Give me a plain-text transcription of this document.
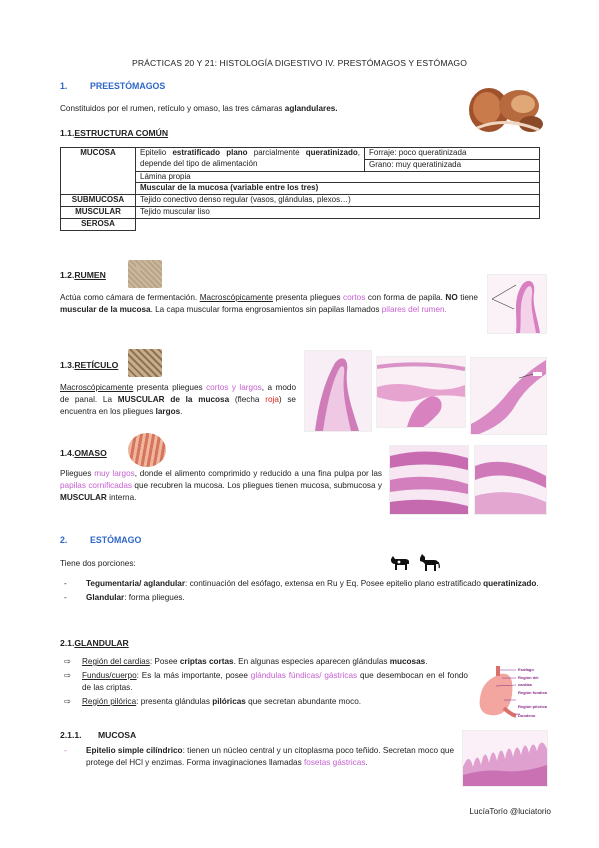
PRÁCTICAS 20 Y 21: HISTOLOGÍA DIGESTIVO IV. PRESTÓMAGOS Y ESTÓMAGO
1.	PREESTÓMAGOS
Constituidos por el rumen, retículo y omaso, las tres cámaras aglandulares.
1.1.ESTRUCTURA COMÚN
MUCOSA	Epitelio estratificado plano parcialmente queratinizado, depende del tipo de alimentación	Forraje: poco queratinizada
		Grano: muy queratinizada
	Lámina propia	
	Muscular de la mucosa (variable entre los tres)	
SUBMUCOSA	Tejido conectivo denso regular (vasos, glándulas, plexos…)	
MUSCULAR	Tejido muscular liso	
SEROSA		
1.2.RUMEN
Actúa como cámara de fermentación. Macroscópicamente presenta pliegues cortos con forma de papila. NO tiene muscular de la mucosa. La capa muscular forma engrosamientos sin papilas llamados pilares del rumen.
1.3.RETÍCULO
Macroscópicamente presenta pliegues cortos y largos, a modo de panal. La MUSCULAR de la mucosa (flecha roja) se encuentra en los pliegues largos.
1.4.OMASO
Pliegues muy largos, donde el alimento comprimido y reducido a una fina pulpa por las papilas corniﬁcadas que recubren la mucosa. Los pliegues tienen mucosa, submucosa y MUSCULAR interna.
2.	ESTÓMAGO
Tiene dos porciones:
-	Tegumentaria/ aglandular: continuación del esófago, extensa en Ru y Eq. Posee epitelio plano estratificado queratinizado.
-	Glandular: forma pliegues.
2.1.GLANDULAR
⇨	Región del cardias: Posee criptas cortas. En algunas especies aparecen glándulas mucosas.
⇨	Fundus/cuerpo: Es la más importante, posee glándulas fúndicas/ gástricas que desembocan en el fondo de las criptas.
⇨	Región pilórica: presenta glándulas pilóricas que secretan abundante moco.
Esófago
Región del cardias
Región fúndica
Región pilórica
Duodeno
2.1.1. MUCOSA
-	Epitelio simple cilíndrico: tienen un núcleo central y un citoplasma poco teñido. Secretan moco que protege del HCl y enzimas. Forma invaginaciones llamadas fosetas gástricas.
LucíaTorío @luciatorio
